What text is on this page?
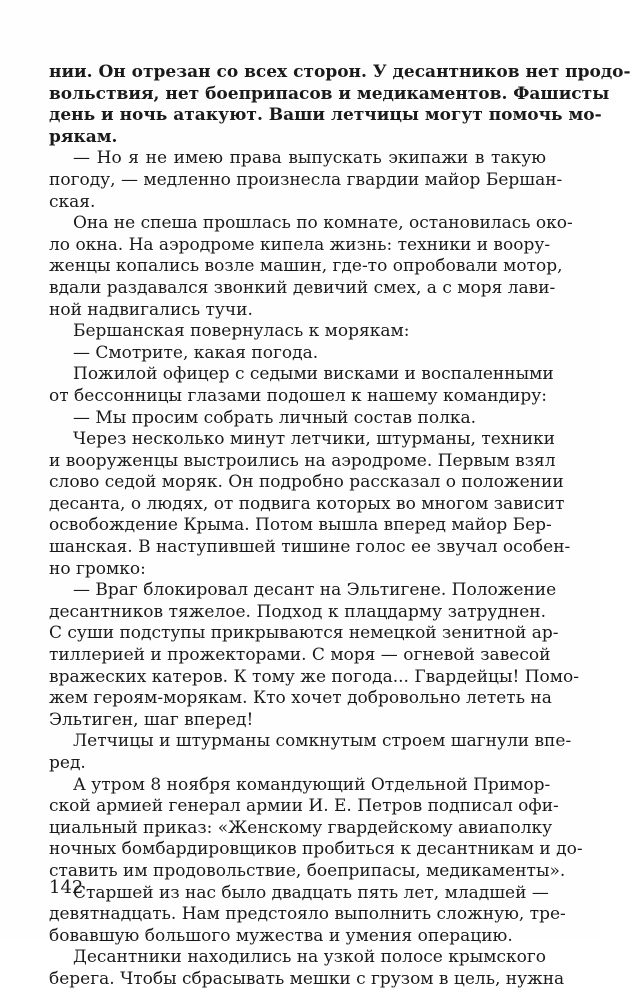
нии. Он отрезан со всех сторон. У десантников нет продо-
вольствия, нет боеприпасов и медикаментов. Фашисты
день и ночь атакуют. Ваши летчицы могут помочь мо-
рякам.
— Но я не имею права выпускать экипажи в такую
погоду, — медленно произнесла гвардии майор Бершан-
ская.
Она не спеша прошлась по комнате, остановилась око-
ло окна. На аэродроме кипела жизнь: техники и воору-
женцы копались возле машин, где-то опробовали мотор,
вдали раздавался звонкий девичий смех, а с моря лави-
ной надвигались тучи.
Бершанская повернулась к морякам:
— Смотрите, какая погода.
Пожилой офицер с седыми висками и воспаленными
от бессонницы глазами подошел к нашему командиру:
— Мы просим собрать личный состав полка.
Через несколько минут летчики, штурманы, техники
и вооруженцы выстроились на аэродроме. Первым взял
слово седой моряк. Он подробно рассказал о положении
десанта, о людях, от подвига которых во многом зависит
освобождение Крыма. Потом вышла вперед майор Бер-
шанская. В наступившей тишине голос ее звучал особен-
но громко:
— Враг блокировал десант на Эльтигене. Положение
десантников тяжелое. Подход к плацдарму затруднен.
С суши подступы прикрываются немецкой зенитной ар-
тиллерией и прожекторами. С моря — огневой завесой
вражеских катеров. К тому же погода... Гвардейцы! Помо-
жем героям-морякам. Кто хочет добровольно лететь на
Эльтиген, шаг вперед!
Летчицы и штурманы сомкнутым строем шагнули впе-
ред.
А утром 8 ноября командующий Отдельной Примор-
ской армией генерал армии И. Е. Петров подписал офи-
циальный приказ: «Женскому гвардейскому авиаполку
ночных бомбардировщиков пробиться к десантникам и до-
ставить им продовольствие, боеприпасы, медикаменты».
Старшей из нас было двадцать пять лет, младшей —
девятнадцать. Нам предстояло выполнить сложную, тре-
бовавшую большого мужества и умения операцию.
Десантники находились на узкой полосе крымского
берега. Чтобы сбрасывать мешки с грузом в цель, нужна
142
